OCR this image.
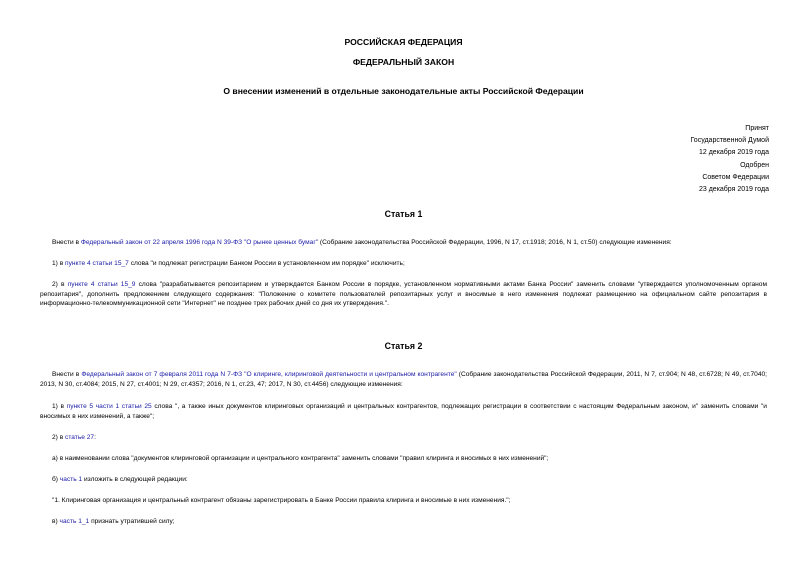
РОССИЙСКАЯ ФЕДЕРАЦИЯ
ФЕДЕРАЛЬНЫЙ ЗАКОН
О внесении изменений в отдельные законодательные акты Российской Федерации
Принят
Государственной Думой
12 декабря 2019 года
Одобрен
Советом Федерации
23 декабря 2019 года
Статья 1
Внести в Федеральный закон от 22 апреля 1996 года N 39-ФЗ "О рынке ценных бумаг" (Собрание законодательства Российской Федерации, 1996, N 17, ст.1918; 2016, N 1, ст.50) следующие изменения:
1) в пункте 4 статьи 15_7 слова "и подлежат регистрации Банком России в установленном им порядке" исключить;
2) в пункте 4 статьи 15_9 слова "разрабатывается репозитарием и утверждается Банком России в порядке, установленном нормативными актами Банка России" заменить словами "утверждается уполномоченным органом репозитария", дополнить предложением следующего содержания: "Положение о комитете пользователей репозитарных услуг и вносимые в него изменения подлежат размещению на официальном сайте репозитария в информационно-телекоммуникационной сети "Интернет" не позднее трех рабочих дней со дня их утверждения.".
Статья 2
Внести в Федеральный закон от 7 февраля 2011 года N 7-ФЗ "О клиринге, клиринговой деятельности и центральном контрагенте" (Собрание законодательства Российской Федерации, 2011, N 7, ст.904; N 48, ст.6728; N 49, ст.7040; 2013, N 30, ст.4084; 2015, N 27, ст.4001; N 29, ст.4357; 2016, N 1, ст.23, 47; 2017, N 30, ст.4456) следующие изменения:
1) в пункте 5 части 1 статьи 25 слова ", а также иных документов клиринговых организаций и центральных контрагентов, подлежащих регистрации в соответствии с настоящим Федеральным законом, и" заменить словами "и вносимых в них изменений, а также";
2) в статье 27:
а) в наименовании слова "документов клиринговой организации и центрального контрагента" заменить словами "правил клиринга и вносимых в них изменений";
б) часть 1 изложить в следующей редакции:
"1. Клиринговая организация и центральный контрагент обязаны зарегистрировать в Банке России правила клиринга и вносимые в них изменения.";
в) часть 1_1 признать утратившей силу;
